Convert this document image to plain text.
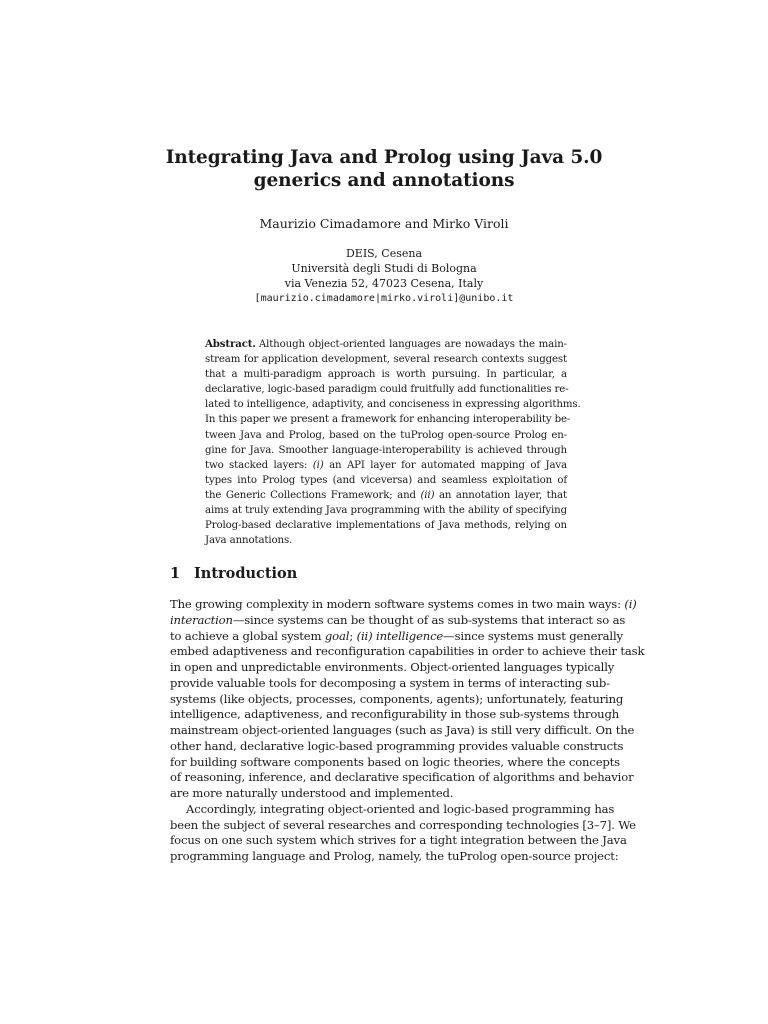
Integrating Java and Prolog using Java 5.0
generics and annotations
Maurizio Cimadamore and Mirko Viroli
DEIS, Cesena
Università degli Studi di Bologna
via Venezia 52, 47023 Cesena, Italy
[maurizio.cimadamore|mirko.viroli]@unibo.it
Abstract. Although object-oriented languages are nowadays the main-
stream for application development, several research contexts suggest
that a multi-paradigm approach is worth pursuing. In particular, a
declarative, logic-based paradigm could fruitfully add functionalities re-
lated to intelligence, adaptivity, and conciseness in expressing algorithms.
In this paper we present a framework for enhancing interoperability be-
tween Java and Prolog, based on the tuProlog open-source Prolog en-
gine for Java. Smoother language-interoperability is achieved through
two stacked layers: (i) an API layer for automated mapping of Java
types into Prolog types (and viceversa) and seamless exploitation of
the Generic Collections Framework; and (ii) an annotation layer, that
aims at truly extending Java programming with the ability of specifying
Prolog-based declarative implementations of Java methods, relying on
Java annotations.
1 Introduction
The growing complexity in modern software systems comes in two main ways: (i)
interaction—since systems can be thought of as sub-systems that interact so as
to achieve a global system goal; (ii) intelligence—since systems must generally
embed adaptiveness and reconfiguration capabilities in order to achieve their task
in open and unpredictable environments. Object-oriented languages typically
provide valuable tools for decomposing a system in terms of interacting sub-
systems (like objects, processes, components, agents); unfortunately, featuring
intelligence, adaptiveness, and reconfigurability in those sub-systems through
mainstream object-oriented languages (such as Java) is still very difficult. On the
other hand, declarative logic-based programming provides valuable constructs
for building software components based on logic theories, where the concepts
of reasoning, inference, and declarative specification of algorithms and behavior
are more naturally understood and implemented.
Accordingly, integrating object-oriented and logic-based programming has
been the subject of several researches and corresponding technologies [3–7]. We
focus on one such system which strives for a tight integration between the Java
programming language and Prolog, namely, the tuProlog open-source project:
